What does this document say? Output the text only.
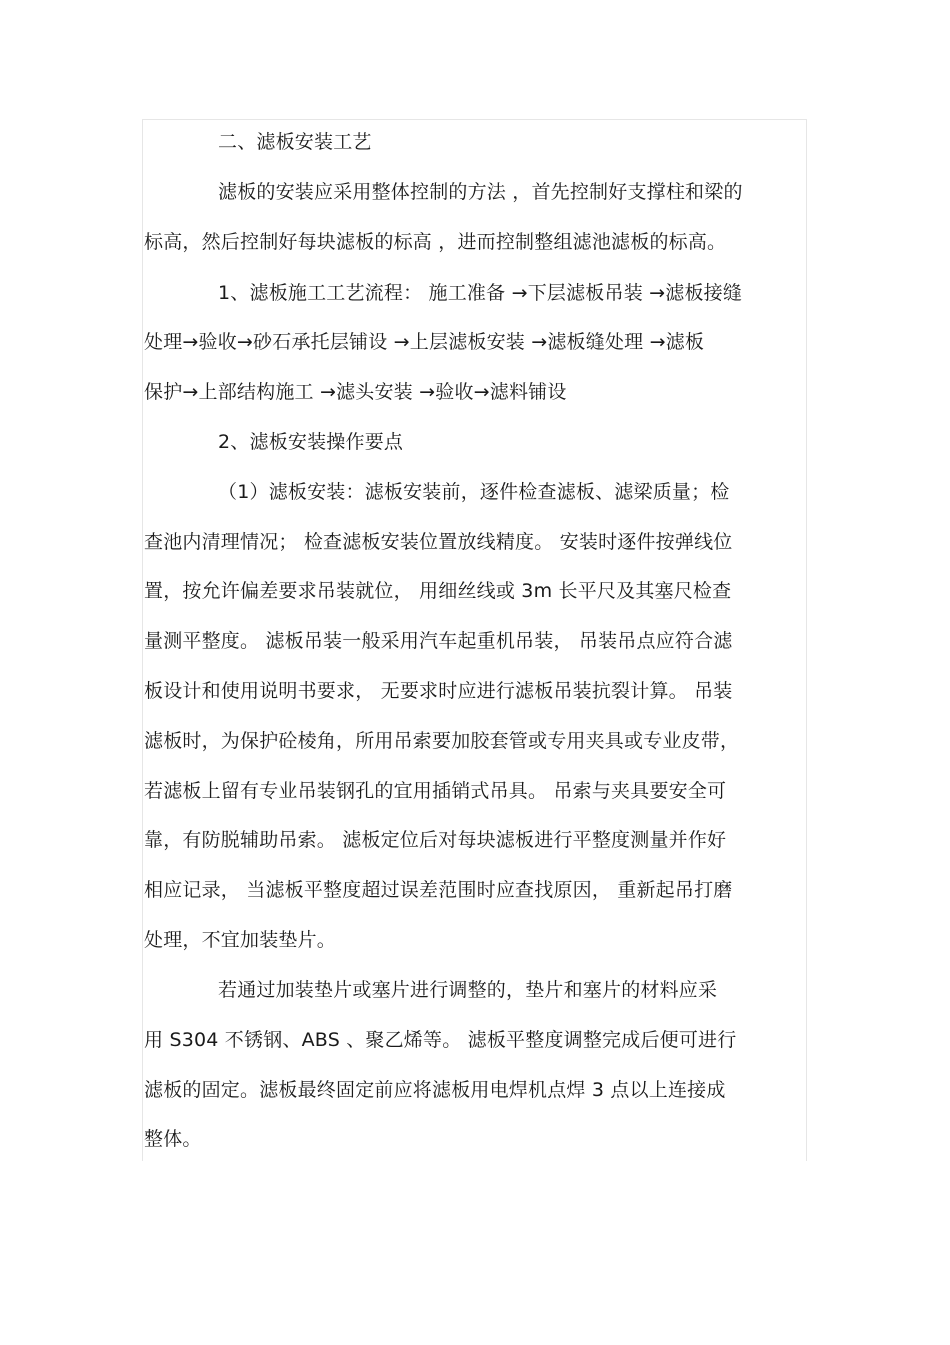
二、滤板安装工艺
滤板的安装应采用整体控制的方法 ，首先控制好支撑柱和梁的
标高，然后控制好每块滤板的标高 ，进而控制整组滤池滤板的标高。
1、滤板施工工艺流程： 施工准备 →下层滤板吊装 →滤板接缝
处理→验收→砂石承托层铺设 →上层滤板安装 →滤板缝处理 →滤板
保护→上部结构施工 →滤头安装 →验收→滤料铺设
2、滤板安装操作要点
（1）滤板安装：滤板安装前，逐件检查滤板、滤梁质量；检
查池内清理情况； 检查滤板安装位置放线精度。 安装时逐件按弹线位
置，按允许偏差要求吊装就位， 用细丝线或 3m 长平尺及其塞尺检查
量测平整度。 滤板吊装一般采用汽车起重机吊装， 吊装吊点应符合滤
板设计和使用说明书要求， 无要求时应进行滤板吊装抗裂计算。 吊装
滤板时，为保护砼棱角，所用吊索要加胶套管或专用夹具或专业皮带，
若滤板上留有专业吊装钢孔的宜用插销式吊具。 吊索与夹具要安全可
靠，有防脱辅助吊索。 滤板定位后对每块滤板进行平整度测量并作好
相应记录， 当滤板平整度超过误差范围时应查找原因， 重新起吊打磨
处理，不宜加装垫片。
若通过加装垫片或塞片进行调整的，垫片和塞片的材料应采
用 S304 不锈钢、ABS 、聚乙烯等。 滤板平整度调整完成后便可进行
滤板的固定。滤板最终固定前应将滤板用电焊机点焊 3 点以上连接成
整体。
